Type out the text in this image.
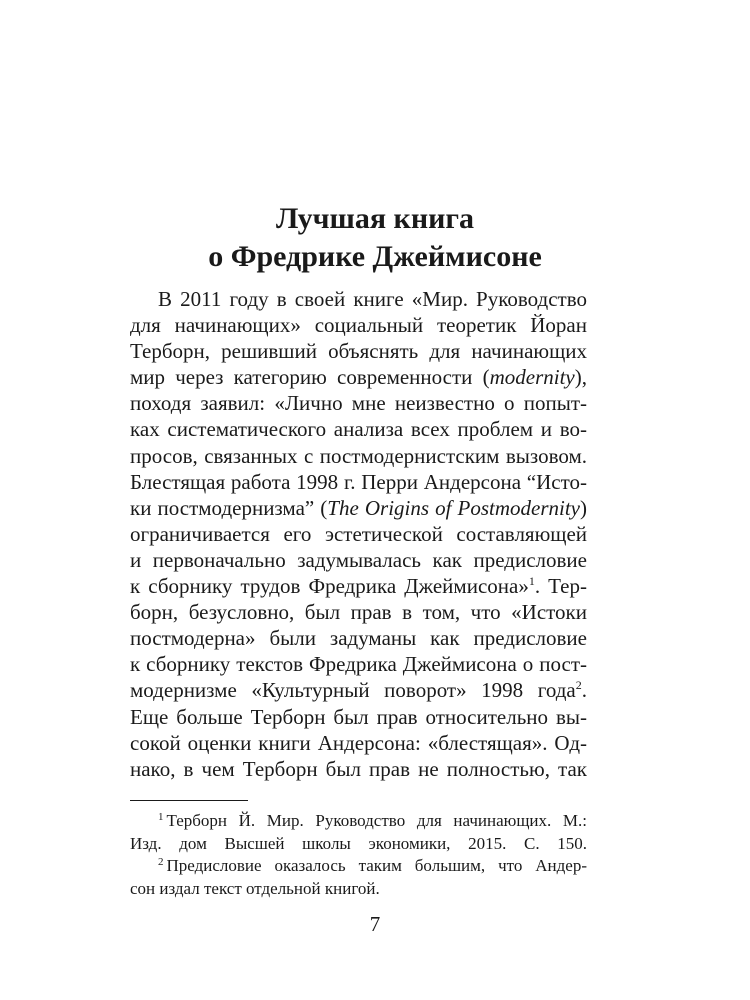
Лучшая книга
о Фредрике Джеймисоне
В 2011 году в своей книге «Мир. Руководство
для начинающих» социальный теоретик Йоран
Терборн, решивший объяснять для начинающих
мир через категорию современности (modernity),
походя заявил: «Лично мне неизвестно о попыт-
ках систематического анализа всех проблем и во-
просов, связанных с постмодернистским вызовом.
Блестящая работа 1998 г. Перри Андерсона “Исто-
ки постмодернизма” (The Origins of Postmodernity)
ограничивается его эстетической составляющей
и первоначально задумывалась как предисловие
к сборнику трудов Фредрика Джеймисона»$^1$. Тер-
борн, безусловно, был прав в том, что «Истоки
постмодерна» были задуманы как предисловие
к сборнику текстов Фредрика Джеймисона о пост-
модернизме «Культурный поворот» 1998 года$^2$.
Еще больше Терборн был прав относительно вы-
сокой оценки книги Андерсона: «блестящая». Од-
нако, в чем Терборн был прав не полностью, так
$^1$ Терборн Й. Мир. Руководство для начинающих. М.:
Изд. дом Высшей школы экономики, 2015. С. 150.
$^2$ Предисловие оказалось таким большим, что Андер-
сон издал текст отдельной книгой.
7
